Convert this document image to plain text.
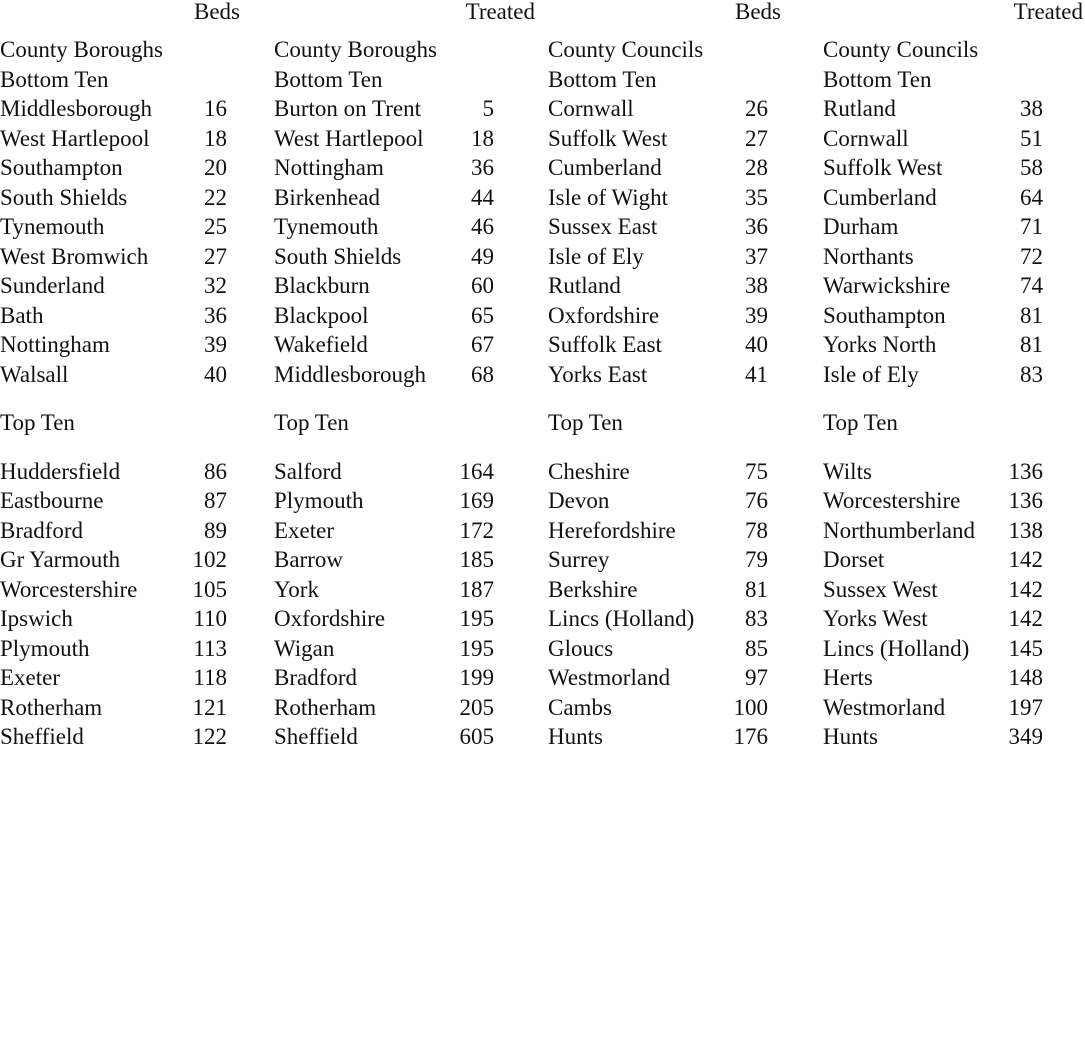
Beds	Treated	Beds	Treated
County Boroughs
Bottom Ten
Middlesborough	16
West Hartlepool	18
Southampton	20
South Shields	22
Tynemouth	25
West Bromwich	27
Sunderland	32
Bath	36
Nottingham	39
Walsall	40
Top Ten
Huddersfield	86
Eastbourne	87
Bradford	89
Gr Yarmouth	102
Worcestershire	105
Ipswich	110
Plymouth	113
Exeter	118
Rotherham	121
Sheffield	122
County Boroughs
Bottom Ten
Burton on Trent	5
West Hartlepool	18
Nottingham	36
Birkenhead	44
Tynemouth	46
South Shields	49
Blackburn	60
Blackpool	65
Wakefield	67
Middlesborough	68
Top Ten
Salford	164
Plymouth	169
Exeter	172
Barrow	185
York	187
Oxfordshire	195
Wigan	195
Bradford	199
Rotherham	205
Sheffield	605
County Councils
Bottom Ten
Cornwall	26
Suffolk West	27
Cumberland	28
Isle of Wight	35
Sussex East	36
Isle of Ely	37
Rutland	38
Oxfordshire	39
Suffolk East	40
Yorks East	41
Top Ten
Cheshire	75
Devon	76
Herefordshire	78
Surrey	79
Berkshire	81
Lincs (Holland)	83
Gloucs	85
Westmorland	97
Cambs	100
Hunts	176
County Councils
Bottom Ten
Rutland	38
Cornwall	51
Suffolk West	58
Cumberland	64
Durham	71
Northants	72
Warwickshire	74
Southampton	81
Yorks North	81
Isle of Ely	83
Top Ten
Wilts	136
Worcestershire	136
Northumberland	138
Dorset	142
Sussex West	142
Yorks West	142
Lincs (Holland)	145
Herts	148
Westmorland	197
Hunts	349
